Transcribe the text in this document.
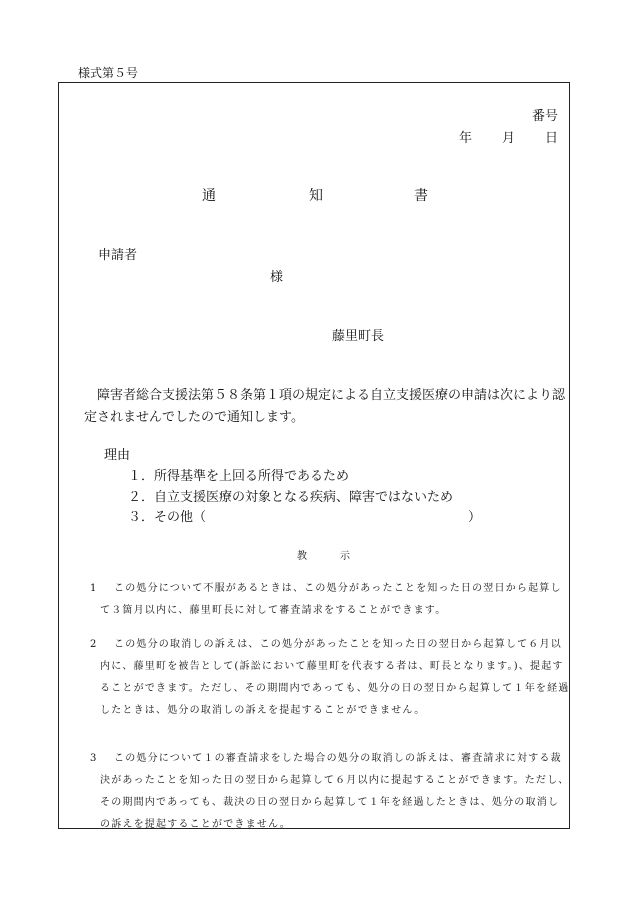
様式第５号
番号
年 月 日
通	知	書
申請者
様
藤里町長
障害者総合支援法第５８条第１項の規定による自立支援医療の申請は次により認定されませんでしたので通知します。
理由
１．所得基準を上回る所得であるため
２．自立支援医療の対象となる疾病、障害ではないため
３．その他（	）
教	示
1	この処分について不服があるときは、この処分があったことを知った日の翌日から起算して３箇月以内に、藤里町長に対して審査請求をすることができます。

2	この処分の取消しの訴えは、この処分があったことを知った日の翌日から起算して６月以内に、藤里町を被告として(訴訟において藤里町を代表する者は、町長となります。)、提起することができます。ただし、その期間内であっても、処分の日の翌日から起算して１年を経過したときは、処分の取消しの訴えを提起することができません。

3	この処分について１の審査請求をした場合の処分の取消しの訴えは、審査請求に対する裁決があったことを知った日の翌日から起算して６月以内に提起することができます。ただし、その期間内であっても、裁決の日の翌日から起算して１年を経過したときは、処分の取消しの訴えを提起することができません。
